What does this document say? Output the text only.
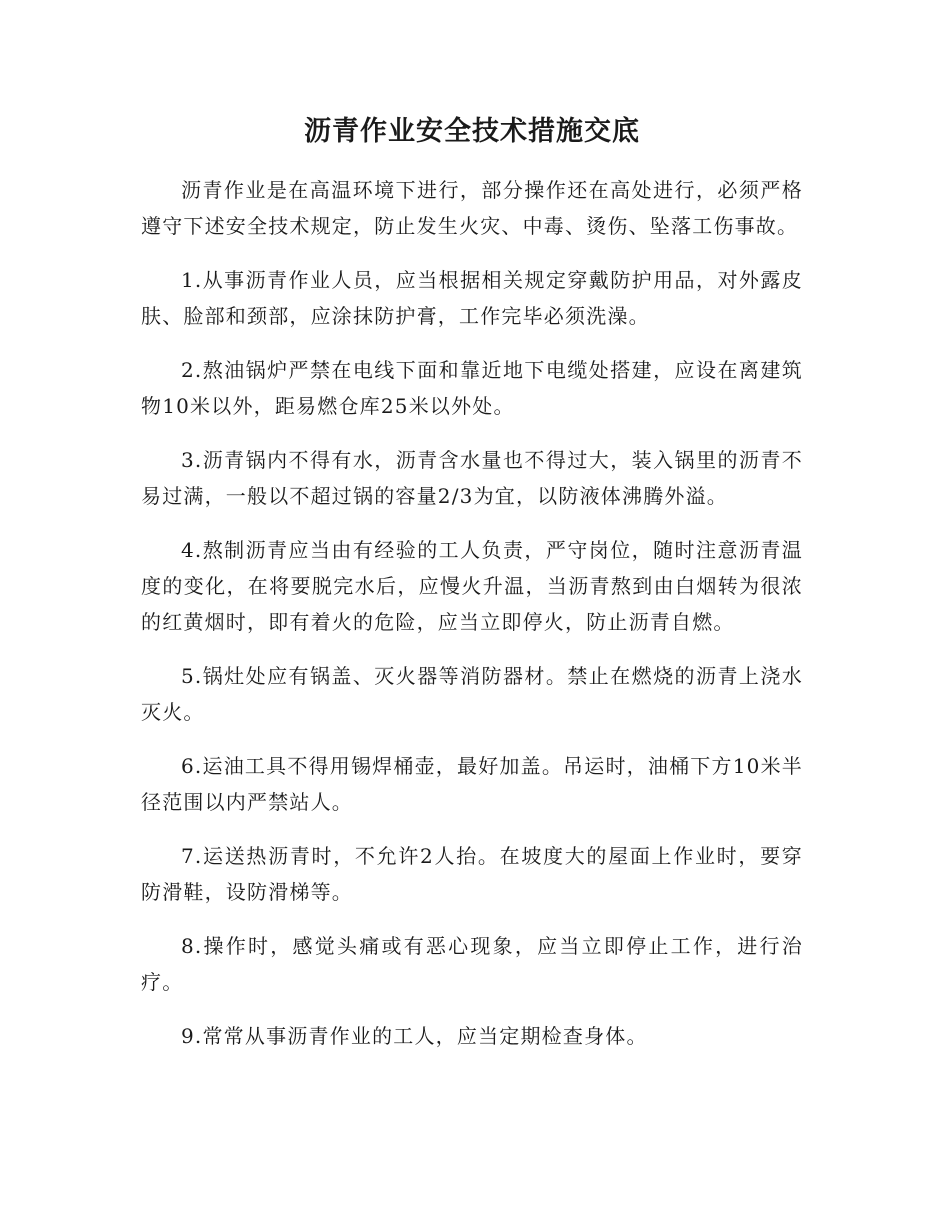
沥青作业安全技术措施交底

沥青作业是在高温环境下进行，部分操作还在高处进行，必须严格遵守下述安全技术规定，防止发生火灾、中毒、烫伤、坠落工伤事故。

1.从事沥青作业人员，应当根据相关规定穿戴防护用品，对外露皮肤、脸部和颈部，应涂抹防护膏，工作完毕必须洗澡。

2.熬油锅炉严禁在电线下面和靠近地下电缆处搭建，应设在离建筑物10米以外，距易燃仓库25米以外处。

3.沥青锅内不得有水，沥青含水量也不得过大，装入锅里的沥青不易过满，一般以不超过锅的容量2/3为宜，以防液体沸腾外溢。

4.熬制沥青应当由有经验的工人负责，严守岗位，随时注意沥青温度的变化，在将要脱完水后，应慢火升温，当沥青熬到由白烟转为很浓的红黄烟时，即有着火的危险，应当立即停火，防止沥青自燃。

5.锅灶处应有锅盖、灭火器等消防器材。禁止在燃烧的沥青上浇水灭火。

6.运油工具不得用锡焊桶壶，最好加盖。吊运时，油桶下方10米半径范围以内严禁站人。

7.运送热沥青时，不允许2人抬。在坡度大的屋面上作业时，要穿防滑鞋，设防滑梯等。

8.操作时，感觉头痛或有恶心现象，应当立即停止工作，进行治疗。

9.常常从事沥青作业的工人，应当定期检查身体。
